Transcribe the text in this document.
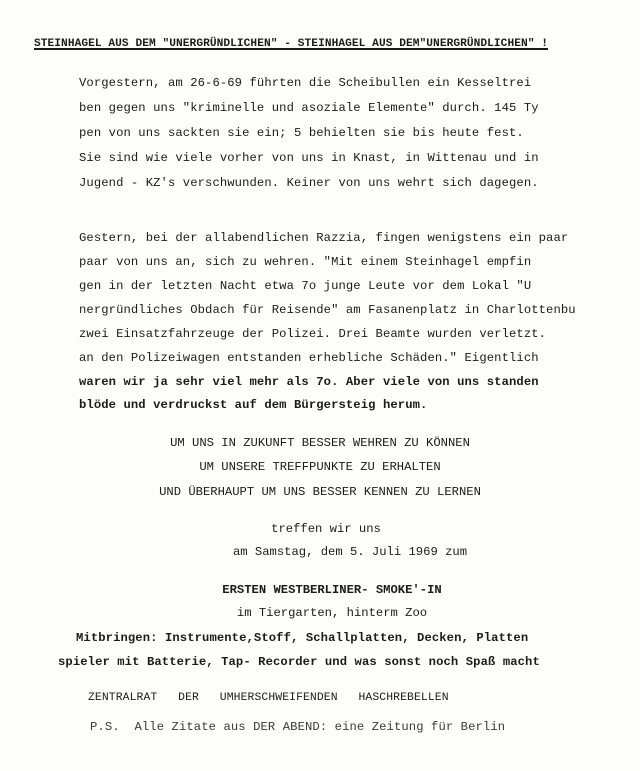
STEINHAGEL AUS DEM "UNERGRÜNDLICHEN" - STEINHAGEL AUS DEM"UNERGRÜNDLICHEN" !
Vorgestern, am 26-6-69 führten die Scheibullen ein Kesseltrei
ben gegen uns "kriminelle und asoziale Elemente" durch. 145 Ty
pen von uns sackten sie ein; 5 behielten sie bis heute fest.
Sie sind wie viele vorher von uns in Knast, in Wittenau und in
Jugend - KZ's verschwunden. Keiner von uns wehrt sich dagegen.
Gestern, bei der allabendlichen Razzia, fingen wenigstens ein paar
paar von uns an, sich zu wehren. "Mit einem Steinhagel empfin
gen in der letzten Nacht etwa 7o junge Leute vor dem Lokal "U
nergründliches Obdach für Reisende" am Fasanenplatz in Charlottenbu
zwei Einsatzfahrzeuge der Polizei. Drei Beamte wurden verletzt.
an den Polizeiwagen entstanden erhebliche Schäden." Eigentlich
waren wir ja sehr viel mehr als 7o. Aber viele von uns standen
blöde und verdruckst auf dem Bürgersteig herum.
UM UNS IN ZUKUNFT BESSER WEHREN ZU KÖNNEN
UM UNSERE TREFFPUNKTE ZU ERHALTEN
UND ÜBERHAUPT UM UNS BESSER KENNEN ZU LERNEN
treffen wir uns
am Samstag, dem 5. Juli 1969 zum
ERSTEN WESTBERLINER- SMOKE'-IN
im Tiergarten, hinterm Zoo
Mitbringen: Instrumente,Stoff, Schallplatten, Decken, Platten
spieler mit Batterie, Tap- Recorder und was sonst noch Spaß macht
ZENTRALRAT   DER   UMHERSCHWEIFENDEN   HASCHREBELLEN
P.S.  Alle Zitate aus DER ABEND: eine Zeitung für Berlin
